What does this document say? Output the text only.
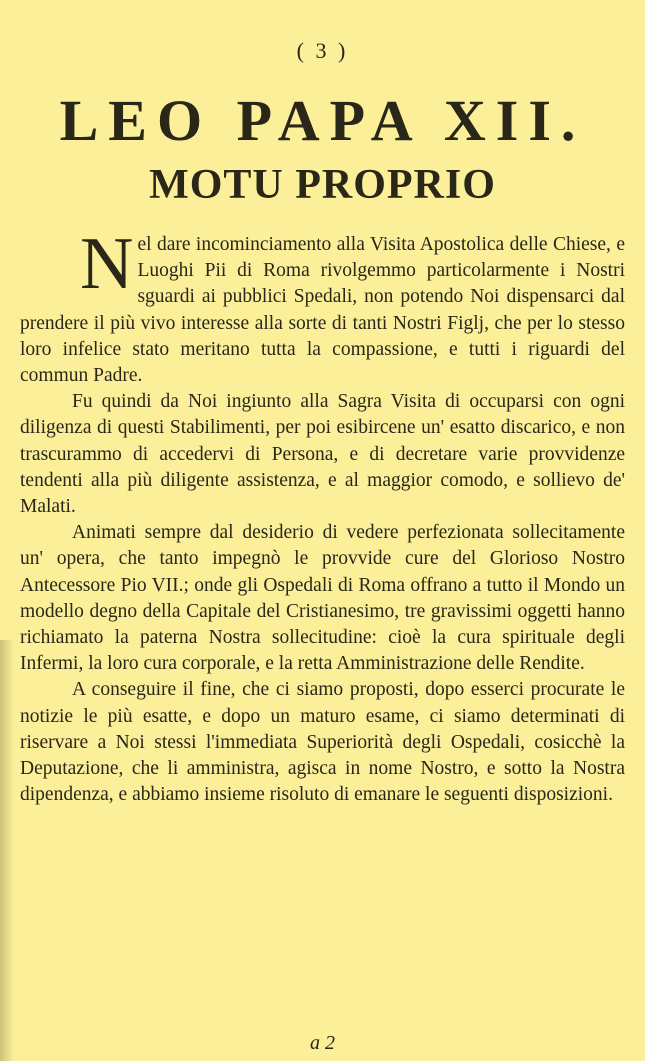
( 3 )
LEO PAPA XII.
MOTU PROPRIO

Nel dare incominciamento alla Visita Apostolica delle Chiese, e Luoghi Pii di Roma rivolgemmo particolarmente i Nostri sguardi ai pubblici Spedali, non potendo Noi dispensarci dal prendere il più vivo interesse alla sorte di tanti Nostri Figlj, che per lo stesso loro infelice stato meritano tutta la compassione, e tutti i riguardi del commun Padre.

Fu quindi da Noi ingiunto alla Sagra Visita di occuparsi con ogni diligenza di questi Stabilimenti, per poi esibircene un' esatto discarico, e non trascurammo di accedervi di Persona, e di decretare varie provvidenze tendenti alla più diligente assistenza, e al maggior comodo, e sollievo de' Malati.

Animati sempre dal desiderio di vedere perfezionata sollecitamente un' opera, che tanto impegnò le provvide cure del Glorioso Nostro Antecessore Pio VII.; onde gli Ospedali di Roma offrano a tutto il Mondo un modello degno della Capitale del Cristianesimo, tre gravissimi oggetti hanno richiamato la paterna Nostra sollecitudine: cioè la cura spirituale degli Infermi, la loro cura corporale, e la retta Amministrazione delle Rendite.

A conseguire il fine, che ci siamo proposti, dopo esserci procurate le notizie le più esatte, e dopo un maturo esame, ci siamo determinati di riservare a Noi stessi l'immediata Superiorità degli Ospedali, cosicchè la Deputazione, che li amministra, agisca in nome Nostro, e sotto la Nostra dipendenza, e abbiamo insieme risoluto di emanare le seguenti disposizioni.

a 2
